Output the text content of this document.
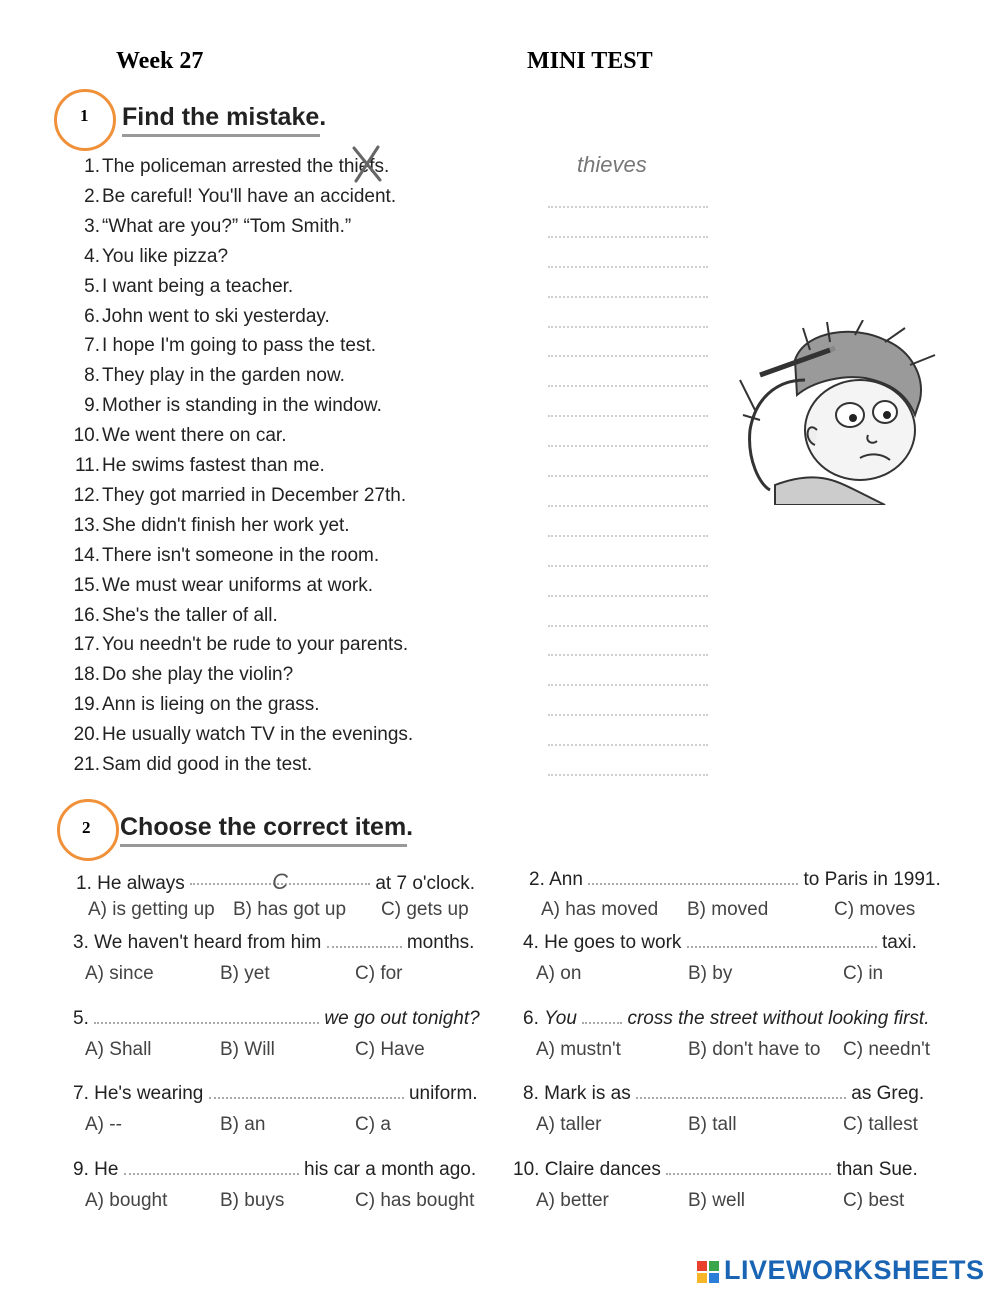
Week 27	MINI TEST
1 Find the mistake.
1. The policeman arrested the thiefs.
2. Be careful! You'll have an accident.
3. “What are you?” “Tom Smith.”
4. You like pizza?
5. I want being a teacher.
6. John went to ski yesterday.
7. I hope I'm going to pass the test.
8. They play in the garden now.
9. Mother is standing in the window.
10. We went there on car.
11. He swims fastest than me.
12. They got married in December 27th.
13. She didn't finish her work yet.
14. There isn't someone in the room.
15. We must wear uniforms at work.
16. She's the taller of all.
17. You needn't be rude to your parents.
18. Do she play the violin?
19. Ann is lieing on the grass.
20. He usually watch TV in the evenings.
21. Sam did good in the test.
thieves
2 Choose the correct item.
1. He always	C	at 7 o'clock.
A) is getting up B) has got up C) gets up
2. Ann	to Paris in 1991.
A) has moved B) moved	C) moves
3. We haven't heard from him	months.
A) since	B) yet	C) for
4. He goes to work	taxi.
A) on	B) by	C) in
5.	we go out tonight?
A) Shall	B) Will	C) Have
6. You	cross the street without looking first.
A) mustn't	B) don't have to C) needn't
7. He's wearing	uniform.
A) --	B) an	C) a
8. Mark is as	as Greg.
A) taller	B) tall	C) tallest
9. He	his car a month ago.
A) bought	B) buys	C) has bought
10. Claire dances	than Sue.
A) better	B) well	C) best
LIVEWORKSHEETS
